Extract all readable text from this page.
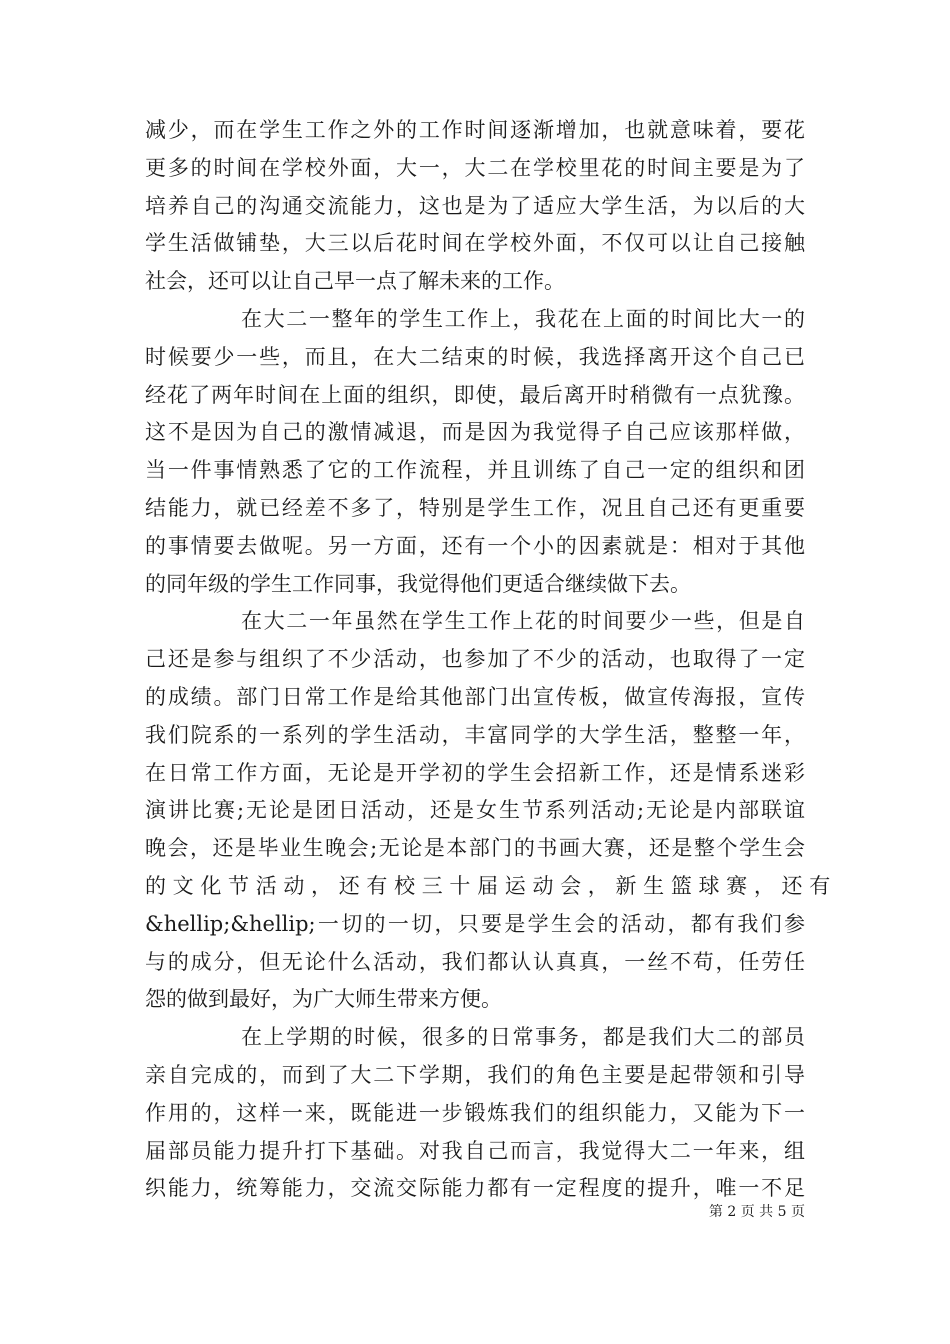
减少，而在学生工作之外的工作时间逐渐增加，也就意味着，要花
更多的时间在学校外面，大一，大二在学校里花的时间主要是为了
培养自己的沟通交流能力，这也是为了适应大学生活，为以后的大
学生活做铺垫，大三以后花时间在学校外面，不仅可以让自己接触
社会，还可以让自己早一点了解未来的工作。
在大二一整年的学生工作上，我花在上面的时间比大一的
时候要少一些，而且，在大二结束的时候，我选择离开这个自己已
经花了两年时间在上面的组织，即使，最后离开时稍微有一点犹豫。
这不是因为自己的激情减退，而是因为我觉得子自己应该那样做，
当一件事情熟悉了它的工作流程，并且训练了自己一定的组织和团
结能力，就已经差不多了，特别是学生工作，况且自己还有更重要
的事情要去做呢。另一方面，还有一个小的因素就是：相对于其他
的同年级的学生工作同事，我觉得他们更适合继续做下去。
在大二一年虽然在学生工作上花的时间要少一些，但是自
己还是参与组织了不少活动，也参加了不少的活动，也取得了一定
的成绩。部门日常工作是给其他部门出宣传板，做宣传海报，宣传
我们院系的一系列的学生活动，丰富同学的大学生活，整整一年，
在日常工作方面，无论是开学初的学生会招新工作，还是情系迷彩
演讲比赛;无论是团日活动，还是女生节系列活动;无论是内部联谊
晚会，还是毕业生晚会;无论是本部门的书画大赛，还是整个学生会
的 文 化 节 活 动 ， 还 有 校 三 十 届 运 动 会 ， 新 生 篮 球 赛 ， 还 有
&hellip;&hellip;一切的一切，只要是学生会的活动，都有我们参
与的成分，但无论什么活动，我们都认认真真，一丝不苟，任劳任
怨的做到最好，为广大师生带来方便。
在上学期的时候，很多的日常事务，都是我们大二的部员
亲自完成的，而到了大二下学期，我们的角色主要是起带领和引导
作用的，这样一来，既能进一步锻炼我们的组织能力，又能为下一
届部员能力提升打下基础。对我自己而言，我觉得大二一年来，组
织能力，统筹能力，交流交际能力都有一定程度的提升，唯一不足
第 2 页 共 5 页
